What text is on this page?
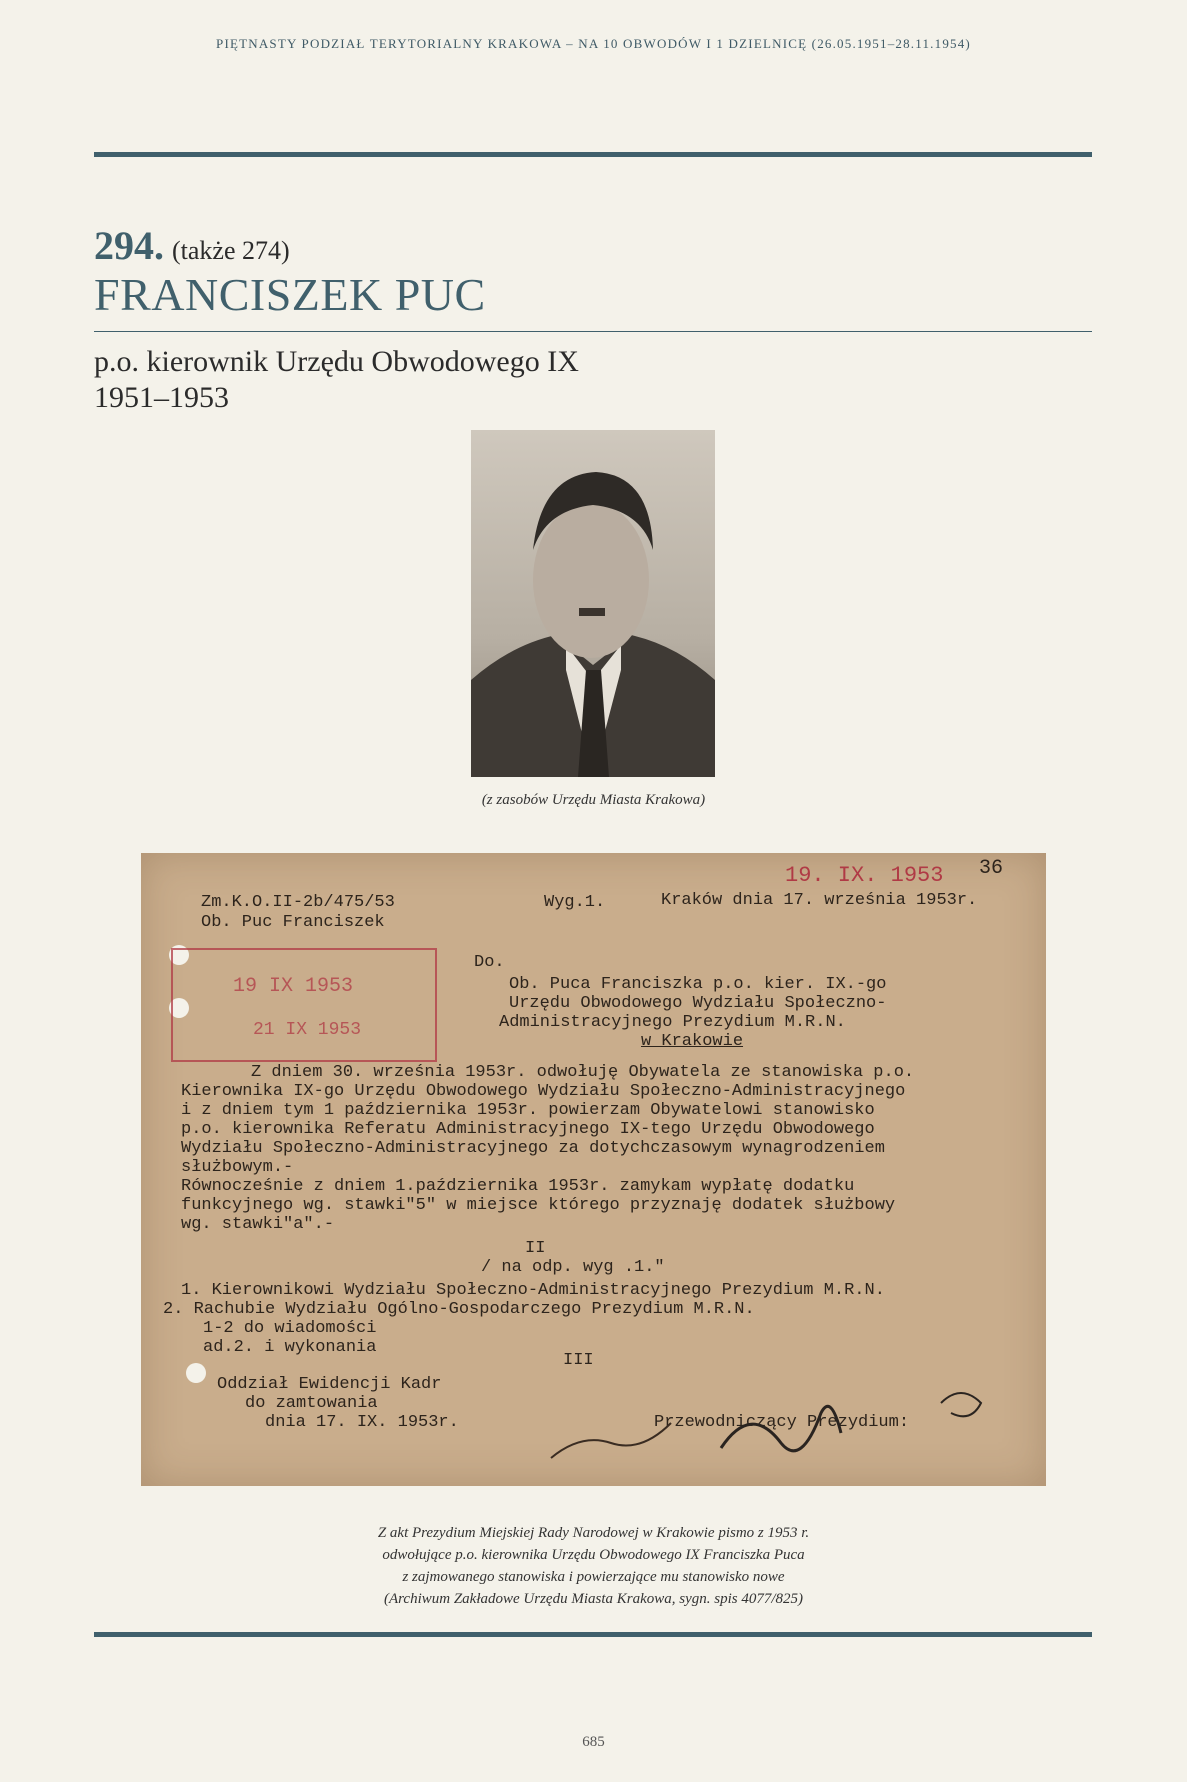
PIĘTNASTY PODZIAŁ TERYTORIALNY KRAKOWA – NA 10 OBWODÓW I 1 DZIELNICĘ (26.05.1951–28.11.1954)
294. (także 274)
FRANCISZEK PUC
p.o. kierownik Urzędu Obwodowego IX
1951–1953
(z zasobów Urzędu Miasta Krakowa)
19. IX. 1953 36
Zm.K.O.II-2b/475/53	Wyg.1.	Kraków dnia 17. września 1953r.
Ob. Puc Franciszek
19 IX 1953
21 IX 1953
Do.
Ob. Puca Franciszka p.o. kier. IX.-go
Urzędu Obwodowego Wydziału Społeczno-
Administracyjnego Prezydium M.R.N.
w Krakowie
Z dniem 30. września 1953r. odwołuję Obywatela ze stanowiska p.o.
Kierownika IX-go Urzędu Obwodowego Wydziału Społeczno-Administracyjnego
i z dniem tym 1 października 1953r. powierzam Obywatelowi stanowisko
p.o. kierownika Referatu Administracyjnego IX-tego Urzędu Obwodowego
Wydziału Społeczno-Administracyjnego za dotychczasowym wynagrodzeniem
służbowym.-
Równocześnie z dniem 1.października 1953r. zamykam wypłatę dodatku
funkcyjnego wg. stawki"5" w miejsce którego przyznaję dodatek służbowy
wg. stawki"a".-
II
/ na odp. wyg .1."
1. Kierownikowi Wydziału Społeczno-Administracyjnego Prezydium M.R.N.
2. Rachubie Wydziału Ogólno-Gospodarczego Prezydium M.R.N.
1-2 do wiadomości
ad.2. i wykonania
III
Oddział Ewidencji Kadr
do zamtowania
dnia 17. IX. 1953r.	Przewodniczący Prezydium:
Z akt Prezydium Miejskiej Rady Narodowej w Krakowie pismo z 1953 r.
odwołujące p.o. kierownika Urzędu Obwodowego IX Franciszka Puca
z zajmowanego stanowiska i powierzające mu stanowisko nowe
(Archiwum Zakładowe Urzędu Miasta Krakowa, sygn. spis 4077/825)
685
